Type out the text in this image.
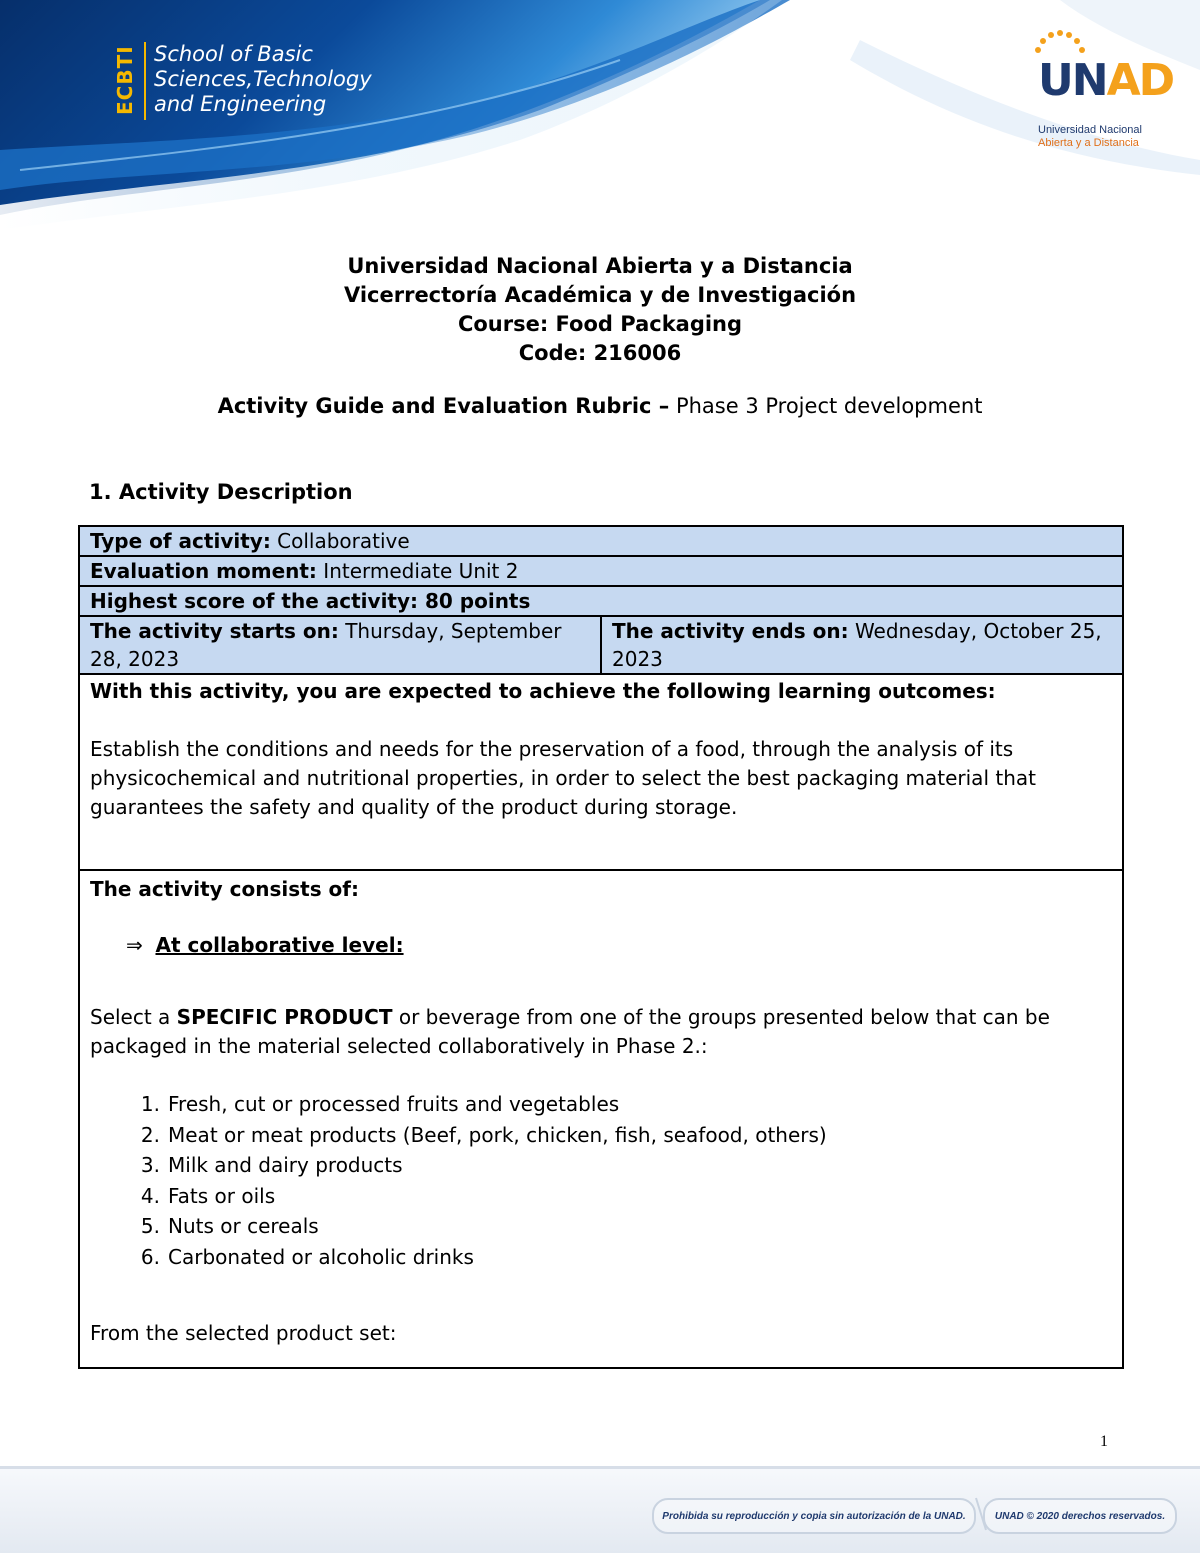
ECBTI School of Basic
Sciences,Technology
and Engineering	UNAD
Universidad Nacional
Abierta y a Distancia
Universidad Nacional Abierta y a Distancia
Vicerrectoría Académica y de Investigación
Course: Food Packaging
Code: 216006
Activity Guide and Evaluation Rubric – Phase 3 Project development
1. Activity Description
Type of activity: Collaborative
Evaluation moment: Intermediate Unit 2
Highest score of the activity: 80 points
The activity starts on: Thursday, September 28, 2023	The activity ends on: Wednesday, October 25, 2023

With this activity, you are expected to achieve the following learning outcomes:

Establish the conditions and needs for the preservation of a food, through the analysis of its physicochemical and nutritional properties, in order to select the best packaging material that guarantees the safety and quality of the product during storage.

The activity consists of:

⇒ At collaborative level:

Select a SPECIFIC PRODUCT or beverage from one of the groups presented below that can be packaged in the material selected collaboratively in Phase 2.:

1. Fresh, cut or processed fruits and vegetables
2. Meat or meat products (Beef, pork, chicken, fish, seafood, others)
3. Milk and dairy products
4. Fats or oils
5. Nuts or cereals
6. Carbonated or alcoholic drinks

From the selected product set:

1
Prohibida su reproducción y copia sin autorización de la UNAD.	UNAD © 2020 derechos reservados.
